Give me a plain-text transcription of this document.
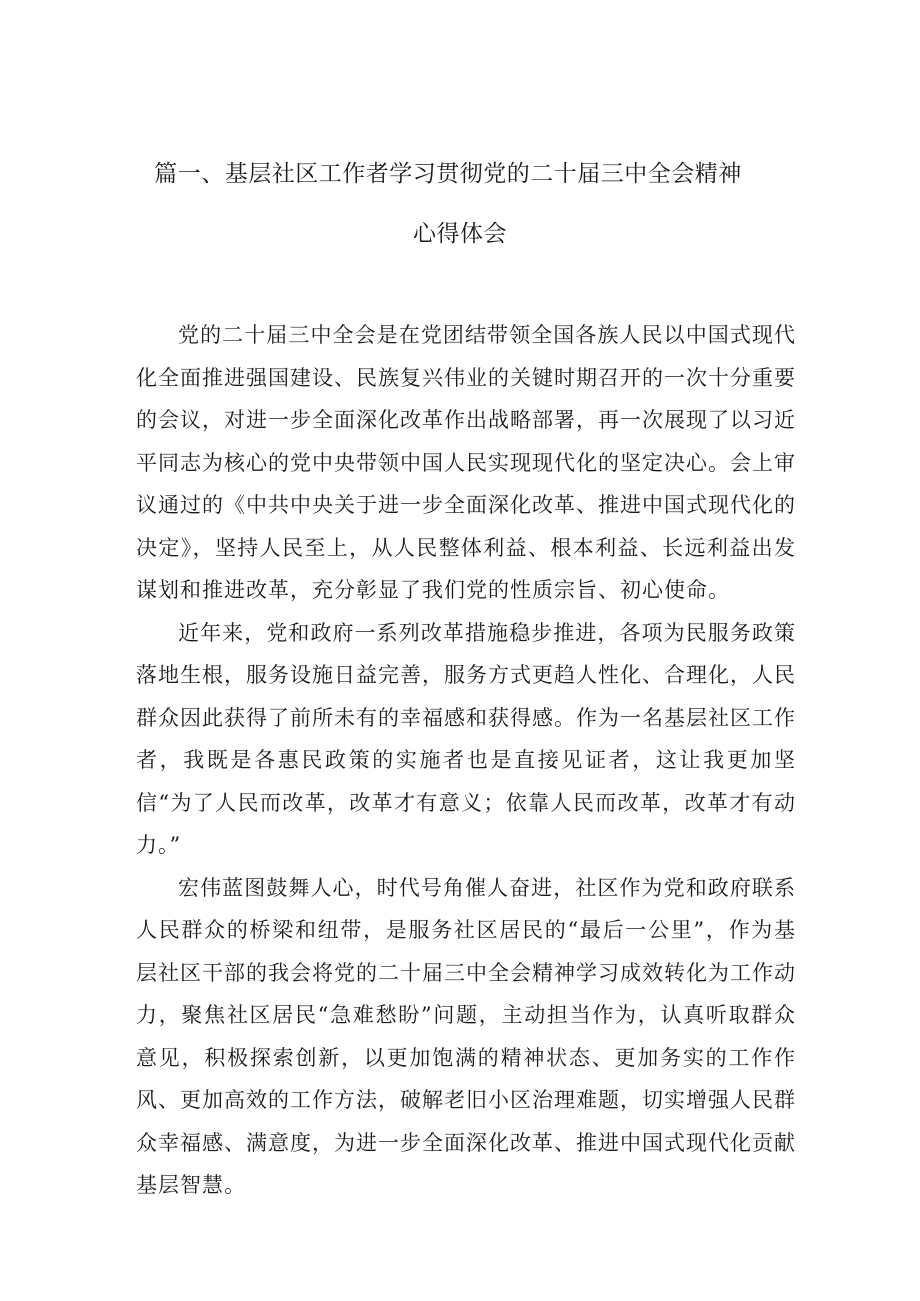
篇一、基层社区工作者学习贯彻党的二十届三中全会精神
心得体会

党的二十届三中全会是在党团结带领全国各族人民以中国式现代化全面推进强国建设、民族复兴伟业的关键时期召开的一次十分重要的会议，对进一步全面深化改革作出战略部署，再一次展现了以习近平同志为核心的党中央带领中国人民实现现代化的坚定决心。会上审议通过的《中共中央关于进一步全面深化改革、推进中国式现代化的决定》，坚持人民至上，从人民整体利益、根本利益、长远利益出发谋划和推进改革，充分彰显了我们党的性质宗旨、初心使命。

近年来，党和政府一系列改革措施稳步推进，各项为民服务政策落地生根，服务设施日益完善，服务方式更趋人性化、合理化，人民群众因此获得了前所未有的幸福感和获得感。作为一名基层社区工作者，我既是各惠民政策的实施者也是直接见证者，这让我更加坚信“为了人民而改革，改革才有意义；依靠人民而改革，改革才有动力。”

宏伟蓝图鼓舞人心，时代号角催人奋进，社区作为党和政府联系人民群众的桥梁和纽带，是服务社区居民的“最后一公里”，作为基层社区干部的我会将党的二十届三中全会精神学习成效转化为工作动力，聚焦社区居民“急难愁盼”问题，主动担当作为，认真听取群众意见，积极探索创新，以更加饱满的精神状态、更加务实的工作作风、更加高效的工作方法，破解老旧小区治理难题，切实增强人民群众幸福感、满意度，为进一步全面深化改革、推进中国式现代化贡献基层智慧。
